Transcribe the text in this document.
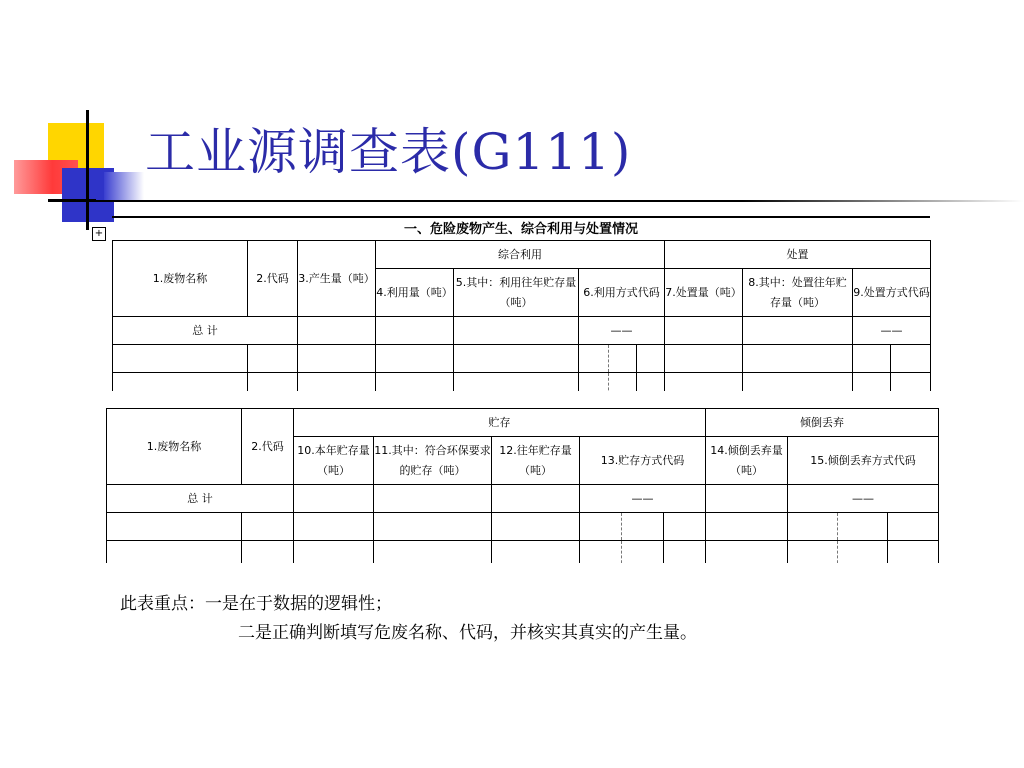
工业源调查表(G111)
+	一、危险废物产生、综合利用与处置情况
1.废物名称	2.代码	3.产生量（吨）	综合利用					处置			
			4.利用量（吨）	5.其中：利用往年贮存量（吨）	6.利用方式代码			7.处置量（吨）	8.其中：处置往年贮存量（吨）	9.处置方式代码	
总 计					——					——	

1.废物名称	2.代码	贮存						倾倒丢弃			
		10.本年贮存量（吨）	11.其中：符合环保要求的贮存（吨）	12.往年贮存量（吨）	13.贮存方式代码			14.倾倒丢弃量（吨）	15.倾倒丢弃方式代码		
总 计					——				——		

此表重点：一是在于数据的逻辑性；
二是正确判断填写危废名称、代码，并核实其真实的产生量。
